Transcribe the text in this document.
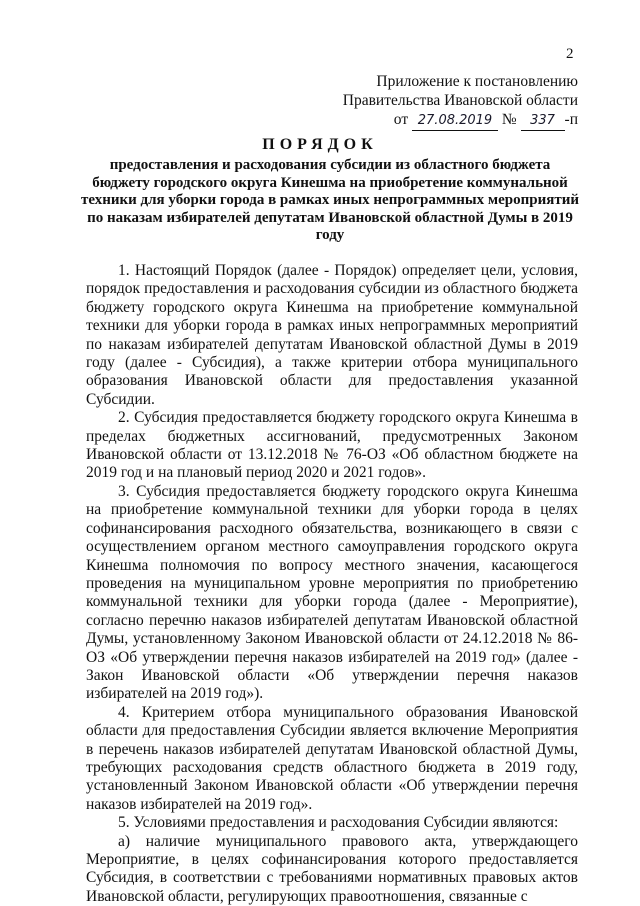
2
Приложение к постановлению
Правительства Ивановской области
от 27.08.2019 № 337 -п
ПОРЯДОК
предоставления и расходования субсидии из областного бюджета бюджету городского округа Кинешма на приобретение коммунальной техники для уборки города в рамках иных непрограммных мероприятий по наказам избирателей депутатам Ивановской областной Думы в 2019 году

1. Настоящий Порядок (далее - Порядок) определяет цели, условия, порядок предоставления и расходования субсидии из областного бюджета бюджету городского округа Кинешма на приобретение коммунальной техники для уборки города в рамках иных непрограммных мероприятий по наказам избирателей депутатам Ивановской областной Думы в 2019 году (далее - Субсидия), а также критерии отбора муниципального образования Ивановской области для предоставления указанной Субсидии.

2. Субсидия предоставляется бюджету городского округа Кинешма в пределах бюджетных ассигнований, предусмотренных Законом Ивановской области от 13.12.2018 № 76-ОЗ «Об областном бюджете на 2019 год и на плановый период 2020 и 2021 годов».

3. Субсидия предоставляется бюджету городского округа Кинешма на приобретение коммунальной техники для уборки города в целях софинансирования расходного обязательства, возникающего в связи с осуществлением органом местного самоуправления городского округа Кинешма полномочия по вопросу местного значения, касающегося проведения на муниципальном уровне мероприятия по приобретению коммунальной техники для уборки города (далее - Мероприятие), согласно перечню наказов избирателей депутатам Ивановской областной Думы, установленному Законом Ивановской области от 24.12.2018 № 86-ОЗ «Об утверждении перечня наказов избирателей на 2019 год» (далее - Закон Ивановской области «Об утверждении перечня наказов избирателей на 2019 год»).

4. Критерием отбора муниципального образования Ивановской области для предоставления Субсидии является включение Мероприятия в перечень наказов избирателей депутатам Ивановской областной Думы, требующих расходования средств областного бюджета в 2019 году, установленный Законом Ивановской области «Об утверждении перечня наказов избирателей на 2019 год».

5. Условиями предоставления и расходования Субсидии являются:

а) наличие муниципального правового акта, утверждающего Мероприятие, в целях софинансирования которого предоставляется Субсидия, в соответствии с требованиями нормативных правовых актов Ивановской области, регулирующих правоотношения, связанные с
